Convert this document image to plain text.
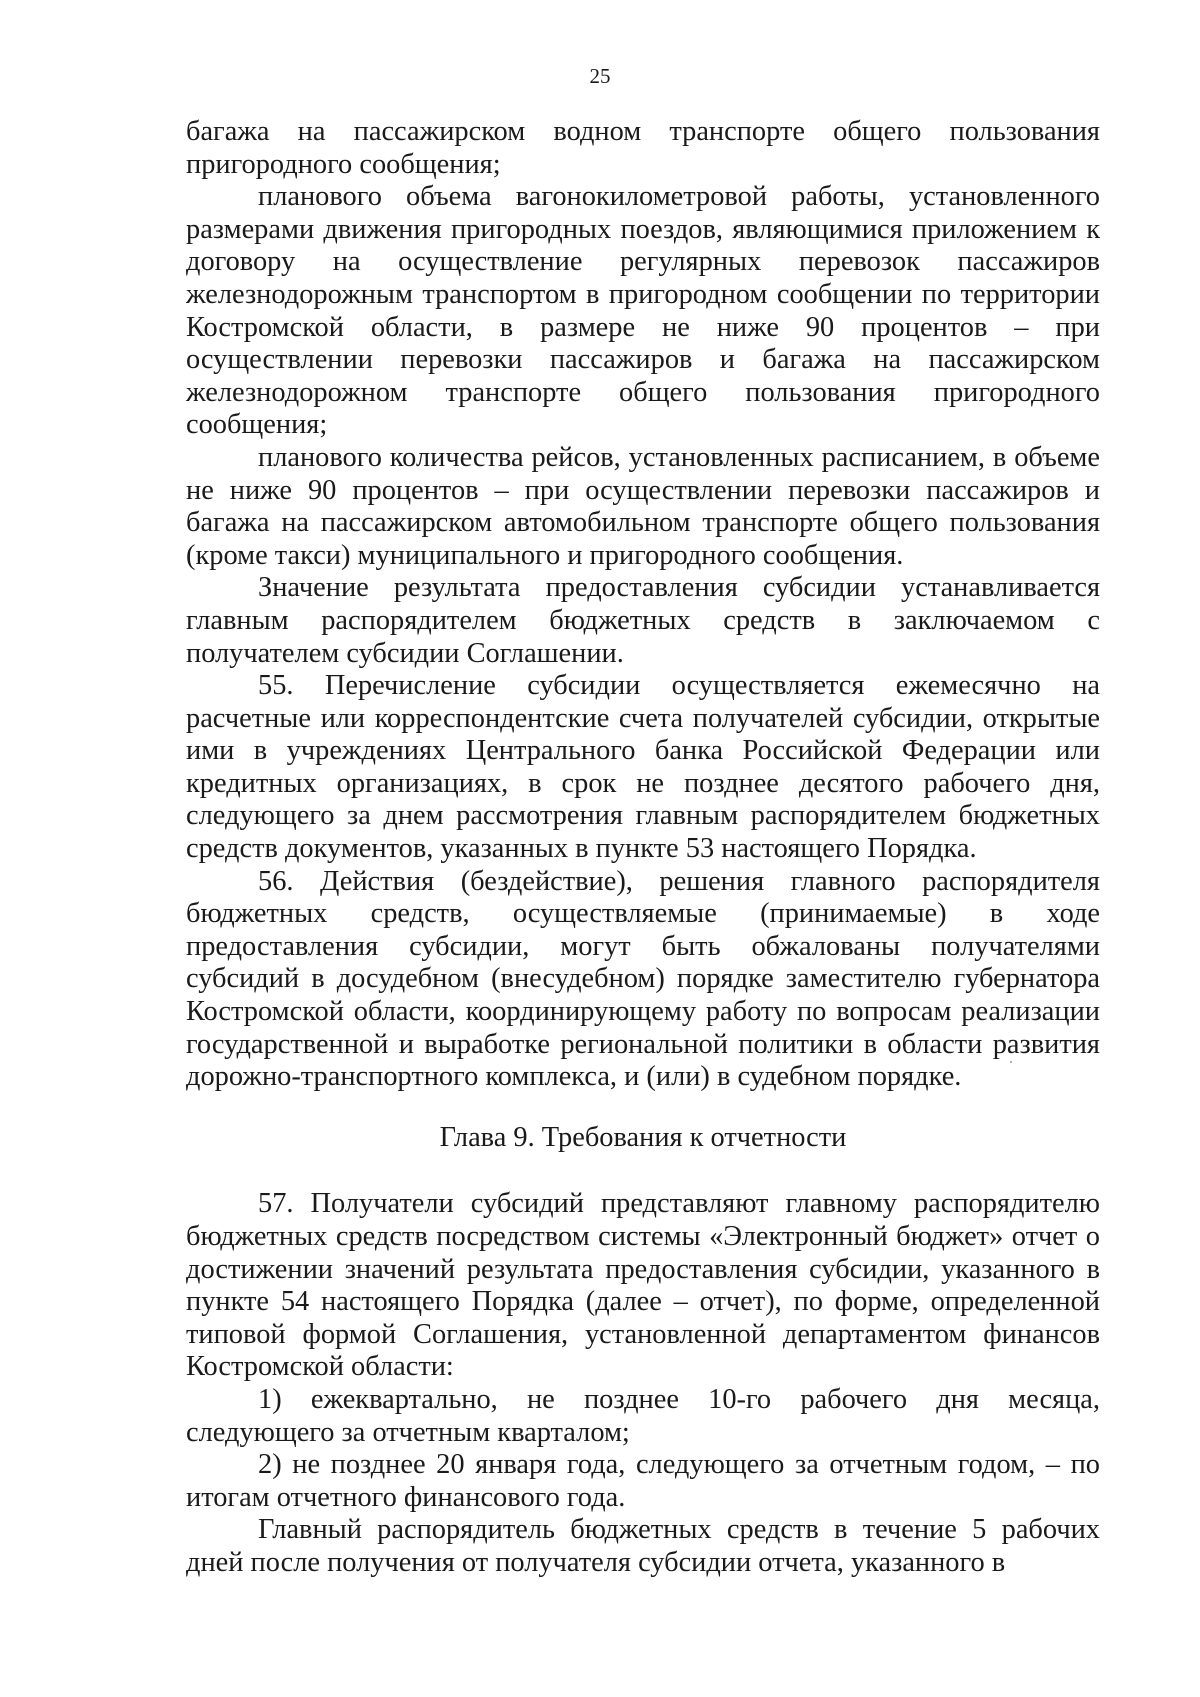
25

багажа на пассажирском водном транспорте общего пользования пригородного сообщения;

планового объема вагонокилометровой работы, установленного размерами движения пригородных поездов, являющимися приложением к договору на осуществление регулярных перевозок пассажиров железнодорожным транспортом в пригородном сообщении по территории Костромской области, в размере не ниже 90 процентов – при осуществлении перевозки пассажиров и багажа на пассажирском железнодорожном транспорте общего пользования пригородного сообщения;

планового количества рейсов, установленных расписанием, в объеме не ниже 90 процентов – при осуществлении перевозки пассажиров и багажа на пассажирском автомобильном транспорте общего пользования (кроме такси) муниципального и пригородного сообщения.

Значение результата предоставления субсидии устанавливается главным распорядителем бюджетных средств в заключаемом с получателем субсидии Соглашении.

55. Перечисление субсидии осуществляется ежемесячно на расчетные или корреспондентские счета получателей субсидии, открытые ими в учреждениях Центрального банка Российской Федерации или кредитных организациях, в срок не позднее десятого рабочего дня, следующего за днем рассмотрения главным распорядителем бюджетных средств документов, указанных в пункте 53 настоящего Порядка.

56. Действия (бездействие), решения главного распорядителя бюджетных средств, осуществляемые (принимаемые) в ходе предоставления субсидии, могут быть обжалованы получателями субсидий в досудебном (внесудебном) порядке заместителю губернатора Костромской области, координирующему работу по вопросам реализации государственной и выработке региональной политики в области развития дорожно-транспортного комплекса, и (или) в судебном порядке.

Глава 9. Требования к отчетности

57. Получатели субсидий представляют главному распорядителю бюджетных средств посредством системы «Электронный бюджет» отчет о достижении значений результата предоставления субсидии, указанного в пункте 54 настоящего Порядка (далее – отчет), по форме, определенной типовой формой Соглашения, установленной департаментом финансов Костромской области:

1) ежеквартально, не позднее 10-го рабочего дня месяца, следующего за отчетным кварталом;

2) не позднее 20 января года, следующего за отчетным годом, – по итогам отчетного финансового года.

Главный распорядитель бюджетных средств в течение 5 рабочих дней после получения от получателя субсидии отчета, указанного в
